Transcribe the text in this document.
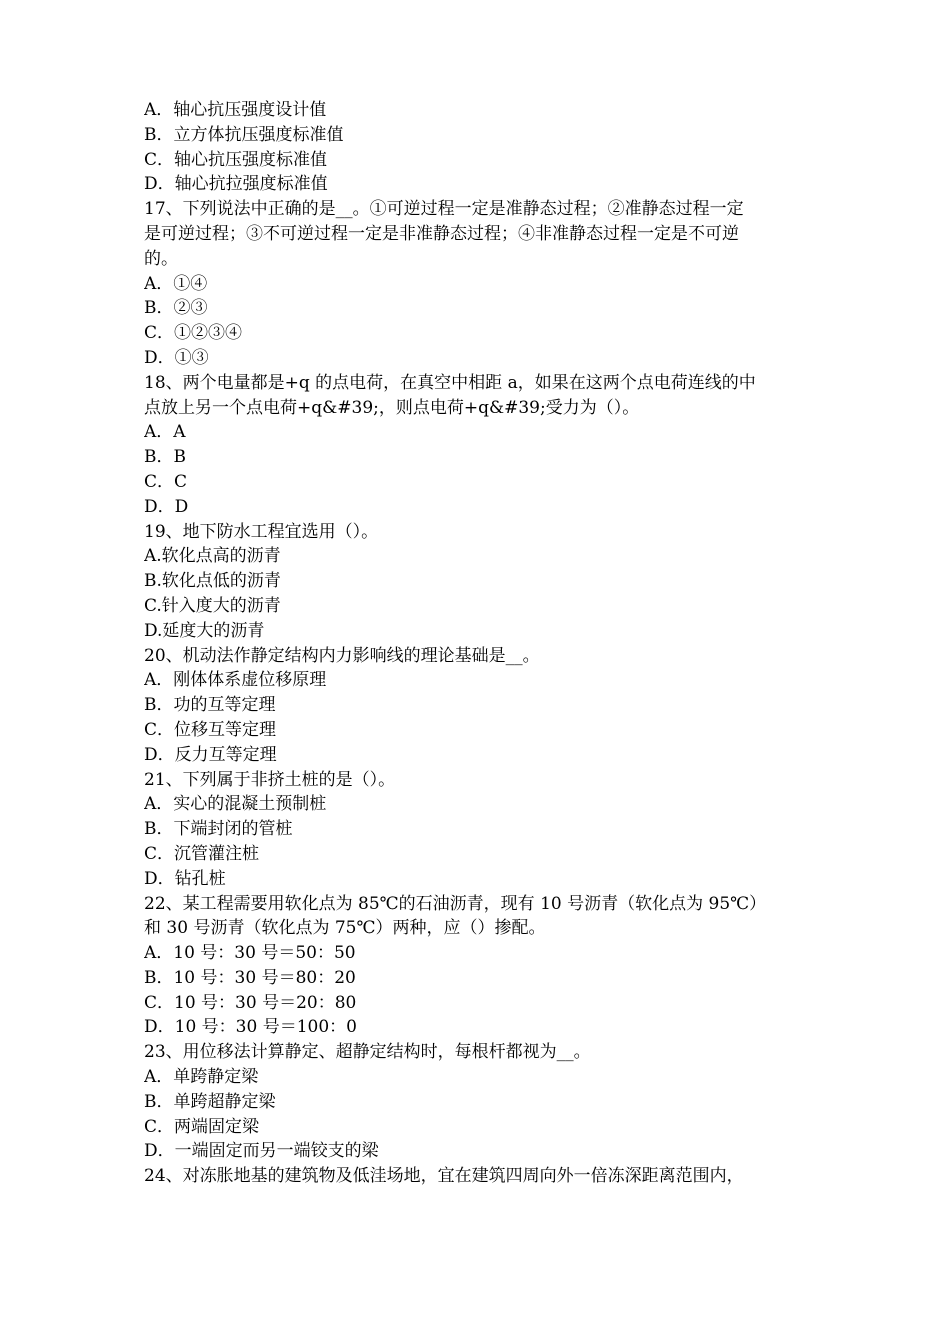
A．轴心抗压强度设计值
B．立方体抗压强度标准值
C．轴心抗压强度标准值
D．轴心抗拉强度标准值
17、下列说法中正确的是__。①可逆过程一定是准静态过程；②准静态过程一定
是可逆过程；③不可逆过程一定是非准静态过程；④非准静态过程一定是不可逆
的。
A．①④
B．②③
C．①②③④
D．①③
18、两个电量都是+q 的点电荷，在真空中相距 a，如果在这两个点电荷连线的中
点放上另一个点电荷+q&#39;，则点电荷+q&#39;受力为（）。
A．A
B．B
C．C
D．D
19、地下防水工程宜选用（）。
A.软化点高的沥青
B.软化点低的沥青
C.针入度大的沥青
D.延度大的沥青
20、机动法作静定结构内力影响线的理论基础是__。
A．刚体体系虚位移原理
B．功的互等定理
C．位移互等定理
D．反力互等定理
21、下列属于非挤土桩的是（）。
A．实心的混凝土预制桩
B．下端封闭的管桩
C．沉管灌注桩
D．钻孔桩
22、某工程需要用软化点为 85℃的石油沥青，现有 10 号沥青（软化点为 95℃）
和 30 号沥青（软化点为 75℃）两种，应（）掺配。
A．10 号：30 号＝50：50
B．10 号：30 号＝80：20
C．10 号：30 号＝20：80
D．10 号：30 号＝100：0
23、用位移法计算静定、超静定结构时，每根杆都视为__。
A．单跨静定梁
B．单跨超静定梁
C．两端固定梁
D．一端固定而另一端铰支的梁
24、对冻胀地基的建筑物及低洼场地，宜在建筑四周向外一倍冻深距离范围内，
